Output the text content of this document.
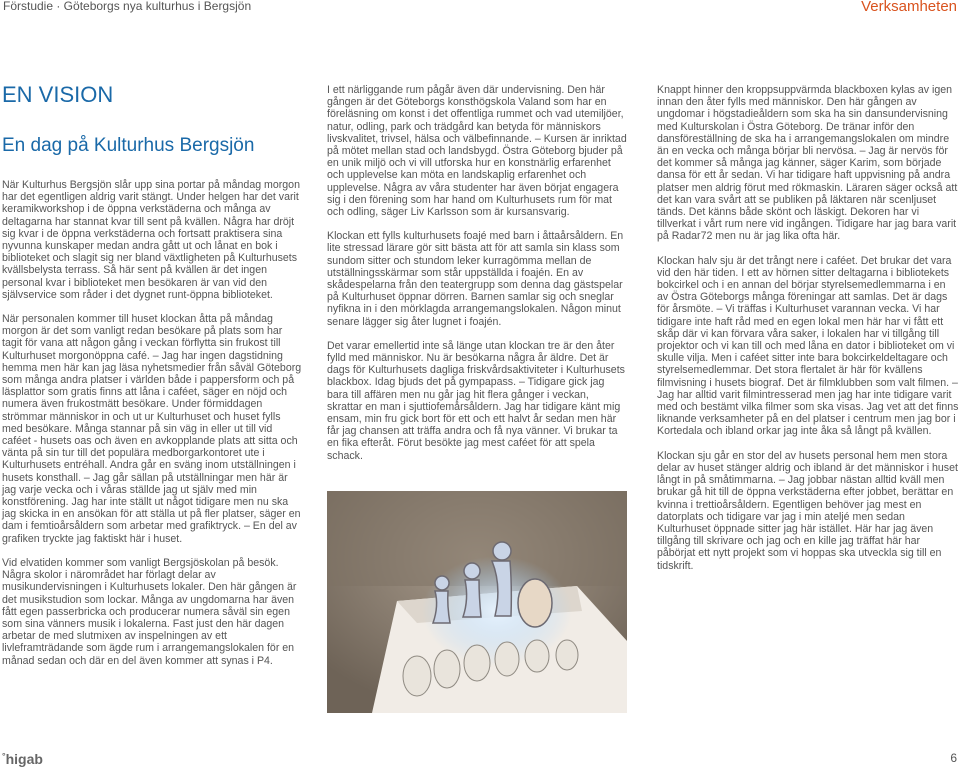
Förstudie · Göteborgs nya kulturhus i Bergsjön	Verksamheten
EN VISION
En dag på Kulturhus Bergsjön

När Kulturhus Bergsjön slår upp sina portar på måndag morgon har det egentligen aldrig varit stängt. Under helgen har det varit keramikworkshop i de öppna verkstäderna och många av deltagarna har stannat kvar till sent på kvällen. Några har dröjt sig kvar i de öppna verkstäderna och fortsatt praktisera sina nyvunna kunskaper medan andra gått ut och lånat en bok i biblioteket och slagit sig ner bland växtligheten på Kulturhusets kvällsbelysta terrass. Så här sent på kvällen är det ingen personal kvar i biblioteket men besökaren är van vid den självservice som råder i det dygnet runt-öppna biblioteket.

När personalen kommer till huset klockan åtta på måndag morgon är det som vanligt redan besökare på plats som har tagit för vana att någon gång i veckan förflytta sin frukost till Kulturhuset morgonöppna café. – Jag har ingen dagstidning hemma men här kan jag läsa nyhetsmedier från såväl Göteborg som många andra platser i världen både i pappersform och på läsplattor som gratis finns att låna i caféet, säger en nöjd och numera även frukostmätt besökare. Under förmiddagen strömmar människor in och ut ur Kulturhuset och huset fylls med besökare. Många stannar på sin väg in eller ut till vid caféet - husets oas och även en avkopplande plats att sitta och vänta på sin tur till det populära medborgarkontoret ute i Kulturhusets entréhall. Andra går en sväng inom utställningen i husets konsthall. – Jag går sällan på utställningar men här är jag varje vecka och i våras ställde jag ut själv med min konstförening. Jag har inte ställt ut något tidigare men nu ska jag skicka in en ansökan för att ställa ut på fler platser, säger en dam i femtioårsåldern som arbetar med grafiktryck. – En del av grafiken tryckte jag faktiskt här i huset.

Vid elvatiden kommer som vanligt Bergsjöskolan på besök. Några skolor i närområdet har förlagt delar av musikundervisningen i Kulturhusets lokaler. Den här gången är det musikstudion som lockar. Många av ungdomarna har även fått egen passerbricka och producerar numera såväl sin egen som sina vänners musik i lokalerna. Fast just den här dagen arbetar de med slutmixen av inspelningen av ett livleframträdande som ägde rum i arrangemangslokalen för en månad sedan och där en del även kommer att synas i P4.

I ett närliggande rum pågår även där undervisning. Den här gången är det Göteborgs konsthögskola Valand som har en föreläsning om konst i det offentliga rummet och vad utemiljöer, natur, odling, park och trädgård kan betyda för människors livskvalitet, trivsel, hälsa och välbefinnande. – Kursen är inriktad på mötet mellan stad och landsbygd. Östra Göteborg bjuder på en unik miljö och vi vill utforska hur en konstnärlig erfarenhet och upplevelse kan möta en landskaplig erfarenhet och upplevelse. Några av våra studenter har även börjat engagera sig i den förening som har hand om Kulturhusets rum för mat och odling, säger Liv Karlsson som är kursansvarig.

Klockan ett fylls kulturhusets foajé med barn i åttaårsåldern. En lite stressad lärare gör sitt bästa att för att samla sin klass som sundom sitter och stundom leker kurragömma mellan de utställningsskärmar som står uppställda i foajén. En av skådespelarna från den teatergrupp som denna dag gästspelar på Kulturhuset öppnar dörren. Barnen samlar sig och sneglar nyfikna in i den mörklagda arrangemangslokalen. Någon minut senare lägger sig åter lugnet i foajén.

Det varar emellertid inte så länge utan klockan tre är den åter fylld med människor. Nu är besökarna några år äldre. Det är dags för Kulturhusets dagliga friskvårdsaktiviteter i Kulturhusets blackbox. Idag bjuds det på gympapass. – Tidigare gick jag bara till affären men nu går jag hit flera gånger i veckan, skrattar en man i sjuttiofemårsåldern. Jag har tidigare känt mig ensam, min fru gick bort för ett och ett halvt år sedan men här får jag chansen att träffa andra och få nya vänner. Vi brukar ta en fika efteråt. Förut besökte jag mest caféet för att spela schack.

Knappt hinner den kroppsuppvärmda blackboxen kylas av igen innan den åter fylls med människor. Den här gången av ungdomar i högstadieåldern som ska ha sin dansundervisning med Kulturskolan i Östra Göteborg. De tränar inför den dansföreställning de ska ha i arrangemangslokalen om mindre än en vecka och många börjar bli nervösa. – Jag är nervös för det kommer så många jag känner, säger Karim, som började dansa för ett år sedan. Vi har tidigare haft uppvisning på andra platser men aldrig förut med rökmaskin. Läraren säger också att det kan vara svårt att se publiken på läktaren när scenljuset tänds. Det känns både skönt och läskigt. Dekoren har vi tillverkat i vårt rum nere vid ingången. Tidigare har jag bara varit på Radar72 men nu är jag lika ofta här.

Klockan halv sju är det trångt nere i caféet. Det brukar det vara vid den här tiden. I ett av hörnen sitter deltagarna i bibliotekets bokcirkel och i en annan del börjar styrelsemedlemmarna i en av Östra Göteborgs många föreningar att samlas. Det är dags för årsmöte. – Vi träffas i Kulturhuset varannan vecka. Vi har tidigare inte haft råd med en egen lokal men här har vi fått ett skåp där vi kan förvara våra saker, i lokalen har vi tillgång till projektor och vi kan till och med låna en dator i biblioteket om vi skulle vilja. Men i caféet sitter inte bara bokcirkeldeltagare och styrelsemedlemmar. Det stora flertalet är här för kvällens filmvisning i husets biograf. Det är filmklubben som valt filmen. – Jag har alltid varit filmintresserad men jag har inte tidigare varit med och bestämt vilka filmer som ska visas. Jag vet att det finns liknande verksamheter på en del platser i centrum men jag bor i Kortedala och ibland orkar jag inte åka så långt på kvällen.

Klockan sju går en stor del av husets personal hem men stora delar av huset stänger aldrig och ibland är det människor i huset långt in på småtimmarna. – Jag jobbar nästan alltid kväll men brukar gå hit till de öppna verkstäderna efter jobbet, berättar en kvinna i trettioårsåldern. Egentligen behöver jag mest en datorplats och tidigare var jag i min ateljé men sedan Kulturhuset öppnade sitter jag här istället. Här har jag även tillgång till skrivare och jag och en kille jag träffat här har påbörjat ett nytt projekt som vi hoppas ska utveckla sig till en tidskrift.

°higab	6
